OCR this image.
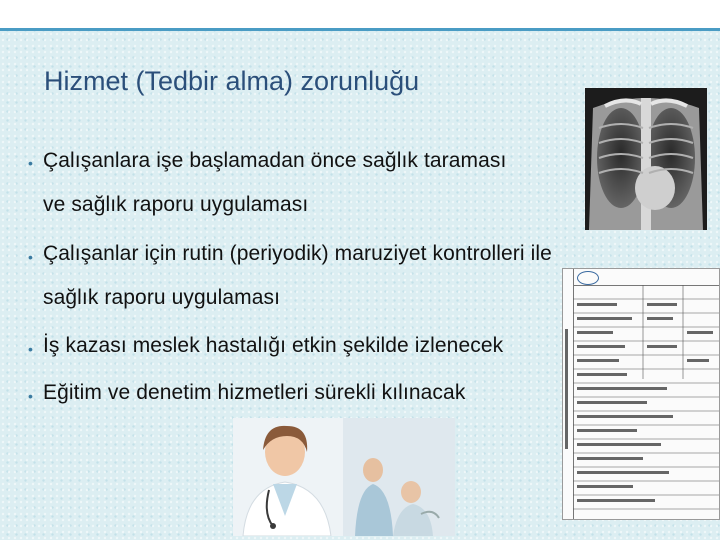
Hizmet (Tedbir alma) zorunluğu
• Çalışanlara işe başlamadan önce sağlık taraması
ve sağlık raporu uygulaması
• Çalışanlar için rutin (periyodik) maruziyet kontrolleri ile
sağlık raporu uygulaması
• İş kazası meslek hastalığı etkin şekilde izlenecek
• Eğitim ve denetim hizmetleri sürekli kılınacak
